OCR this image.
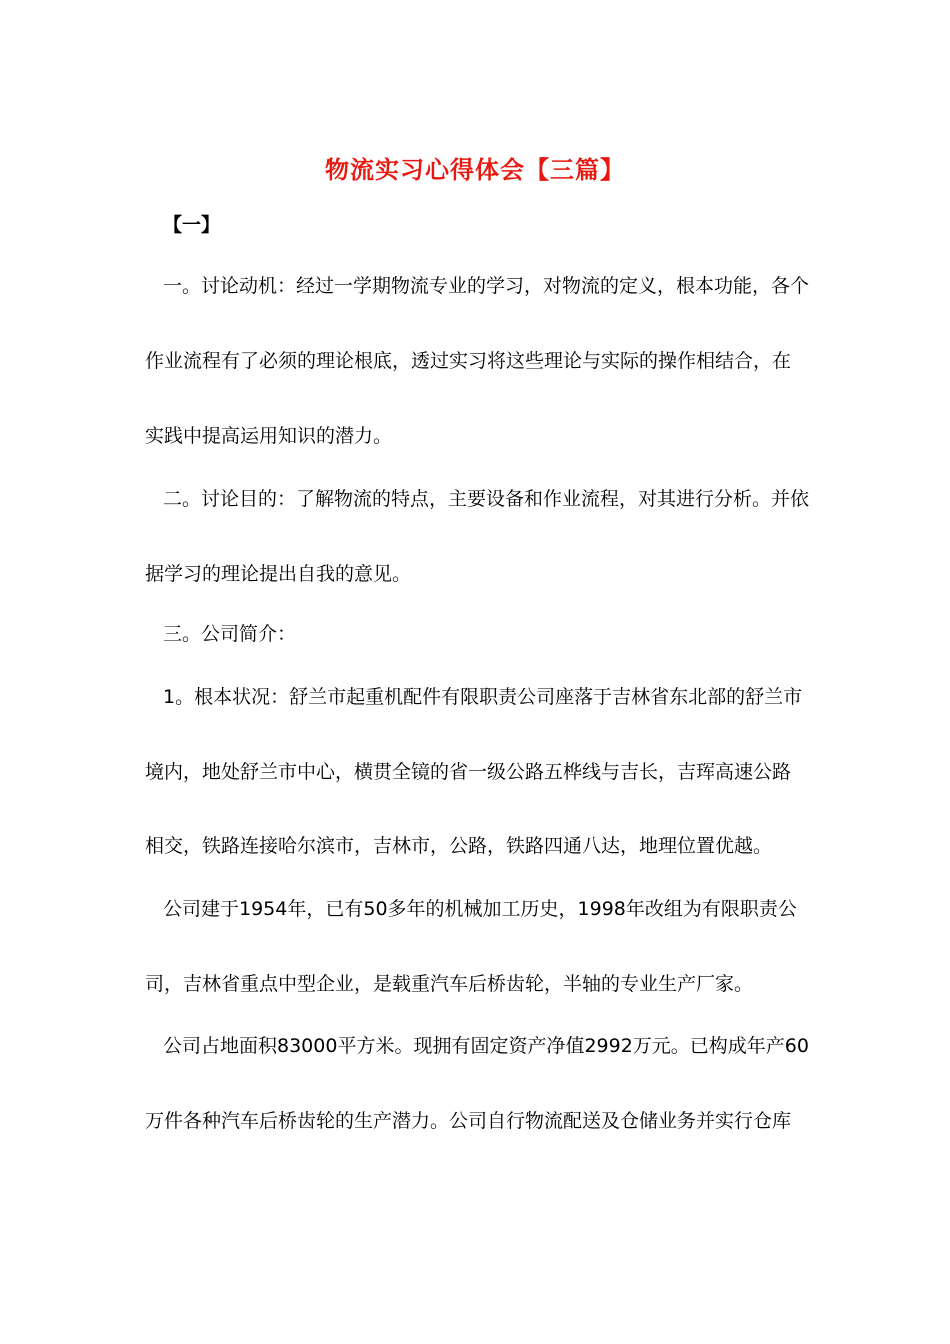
物流实习心得体会【三篇】
【一】
一。讨论动机：经过一学期物流专业的学习，对物流的定义，根本功能，各个
作业流程有了必须的理论根底，透过实习将这些理论与实际的操作相结合，在
实践中提高运用知识的潜力。
二。讨论目的：了解物流的特点，主要设备和作业流程，对其进行分析。并依
据学习的理论提出自我的意见。
三。公司简介：
1。根本状况：舒兰市起重机配件有限职责公司座落于吉林省东北部的舒兰市
境内，地处舒兰市中心，横贯全镜的省一级公路五桦线与吉长，吉珲高速公路
相交，铁路连接哈尔滨市，吉林市，公路，铁路四通八达，地理位置优越。
公司建于1954年，已有50多年的机械加工历史，1998年改组为有限职责公
司，吉林省重点中型企业，是载重汽车后桥齿轮，半轴的专业生产厂家。
公司占地面积83000平方米。现拥有固定资产净值2992万元。已构成年产60
万件各种汽车后桥齿轮的生产潜力。公司自行物流配送及仓储业务并实行仓库
